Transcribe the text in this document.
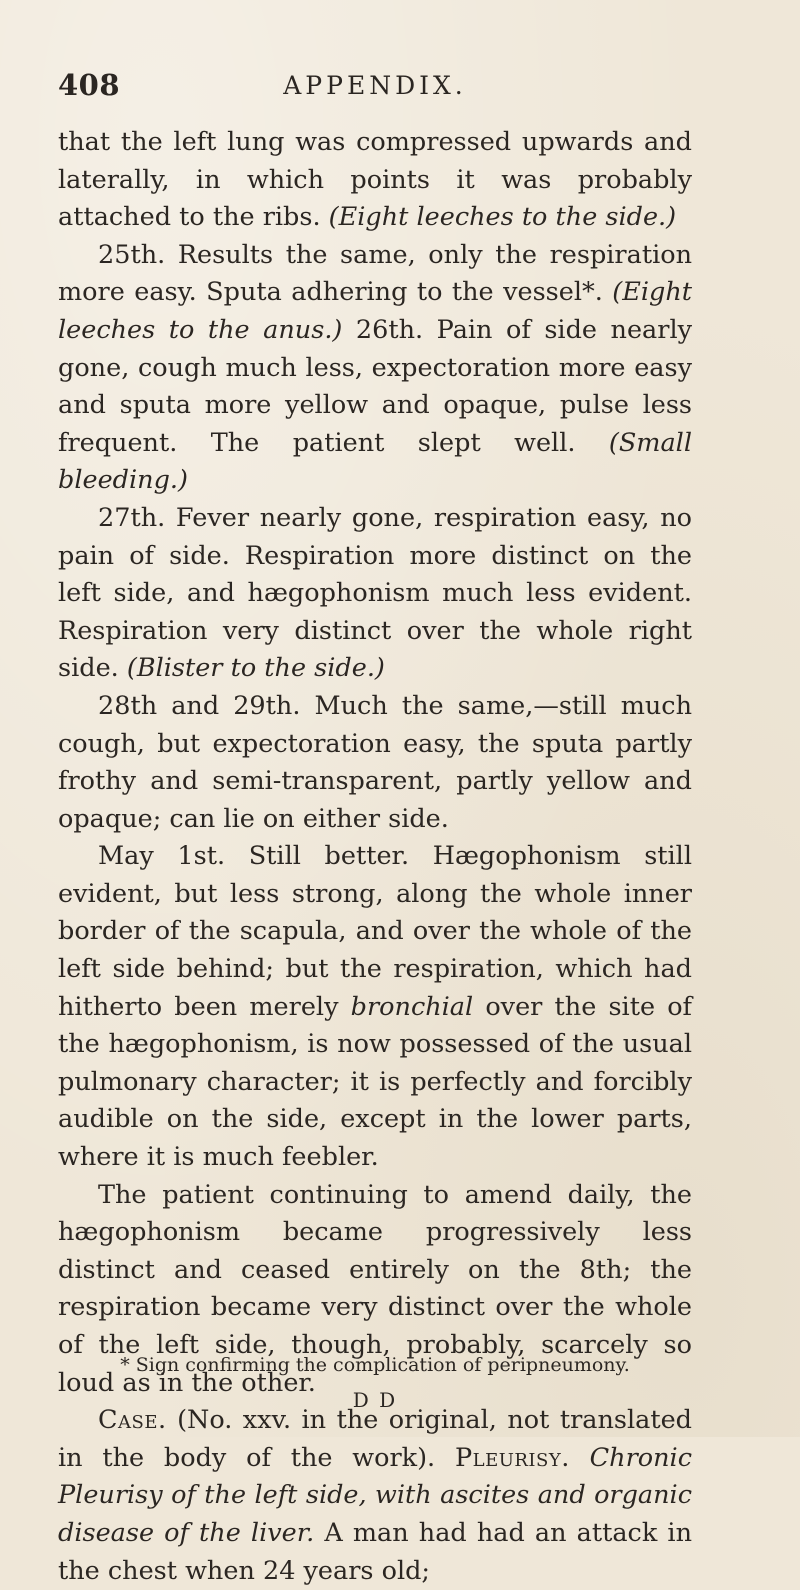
408	APPENDIX.

that the left lung was compressed upwards and laterally, in which points it was probably attached to the ribs. (Eight leeches to the side.)

25th. Results the same, only the respiration more easy. Sputa adhering to the vessel*. (Eight leeches to the anus.) 26th. Pain of side nearly gone, cough much less, expectoration more easy and sputa more yellow and opaque, pulse less frequent. The patient slept well. (Small bleeding.)

27th. Fever nearly gone, respiration easy, no pain of side. Respiration more distinct on the left side, and hægophonism much less evident. Respiration very distinct over the whole right side. (Blister to the side.)

28th and 29th. Much the same,—still much cough, but expectoration easy, the sputa partly frothy and semi-transparent, partly yellow and opaque; can lie on either side.

May 1st. Still better. Hægophonism still evident, but less strong, along the whole inner border of the scapula, and over the whole of the left side behind; but the respiration, which had hitherto been merely bronchial over the site of the hægophonism, is now possessed of the usual pulmonary character; it is perfectly and forcibly audible on the side, except in the lower parts, where it is much feebler.

The patient continuing to amend daily, the hægophonism became progressively less distinct and ceased entirely on the 8th; the respiration became very distinct over the whole of the left side, though, probably, scarcely so loud as in the other.

Case. (No. xxv. in the original, not translated in the body of the work). Pleurisy. Chronic Pleurisy of the left side, with ascites and organic disease of the liver. A man had had an attack in the chest when 24 years old;

* Sign confirming the complication of peripneumony.
D D
